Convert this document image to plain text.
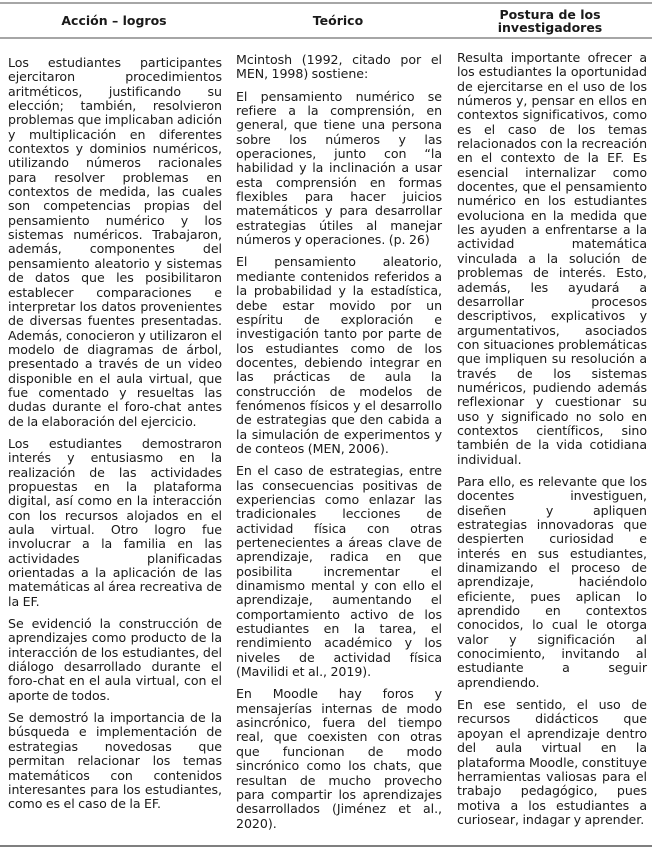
Acción – logros	Teórico	Postura de los
investigadores

Los estudiantes participantes ejercitaron procedimientos aritméticos, justificando su elección; también, resolvieron problemas que implicaban adición y multiplicación en diferentes contextos y dominios numéricos, utilizando números racionales para resolver problemas en contextos de medida, las cuales son competencias propias del pensamiento numérico y los sistemas numéricos. Trabajaron, además, componentes del pensamiento aleatorio y sistemas de datos que les posibilitaron establecer comparaciones e interpretar los datos provenientes de diversas fuentes presentadas. Además, conocieron y utilizaron el modelo de diagramas de árbol, presentado a través de un video disponible en el aula virtual, que fue comentado y resueltas las dudas durante el foro-chat antes de la elaboración del ejercicio.

Los estudiantes demostraron interés y entusiasmo en la realización de las actividades propuestas en la plataforma digital, así como en la interacción con los recursos alojados en el aula virtual. Otro logro fue involucrar a la familia en las actividades planificadas orientadas a la aplicación de las matemáticas al área recreativa de la EF.

Se evidenció la construcción de aprendizajes como producto de la interacción de los estudiantes, del diálogo desarrollado durante el foro-chat en el aula virtual, con el aporte de todos.

Se demostró la importancia de la búsqueda e implementación de estrategias novedosas que permitan relacionar los temas matemáticos con contenidos interesantes para los estudiantes, como es el caso de la EF.

Mcintosh (1992, citado por el MEN, 1998) sostiene:

El pensamiento numérico se refiere a la comprensión, en general, que tiene una persona sobre los números y las operaciones, junto con “la habilidad y la inclinación a usar esta comprensión en formas flexibles para hacer juicios matemáticos y para desarrollar estrategias útiles al manejar números y operaciones. (p. 26)

El pensamiento aleatorio, mediante contenidos referidos a la probabilidad y la estadística, debe estar movido por un espíritu de exploración e investigación tanto por parte de los estudiantes como de los docentes, debiendo integrar en las prácticas de aula la construcción de modelos de fenómenos físicos y el desarrollo de estrategias que den cabida a la simulación de experimentos y de conteos (MEN, 2006).

En el caso de estrategias, entre las consecuencias positivas de experiencias como enlazar las tradicionales lecciones de actividad física con otras pertenecientes a áreas clave de aprendizaje, radica en que posibilita incrementar el dinamismo mental y con ello el aprendizaje, aumentando el comportamiento activo de los estudiantes en la tarea, el rendimiento académico y los niveles de actividad física (Mavilidi et al., 2019).

En Moodle hay foros y mensajerías internas de modo asincrónico, fuera del tiempo real, que coexisten con otras que funcionan de modo sincrónico como los chats, que resultan de mucho provecho para compartir los aprendizajes desarrollados (Jiménez et al., 2020).

Resulta importante ofrecer a los estudiantes la oportunidad de ejercitarse en el uso de los números y, pensar en ellos en contextos significativos, como es el caso de los temas relacionados con la recreación en el contexto de la EF. Es esencial internalizar como docentes, que el pensamiento numérico en los estudiantes evoluciona en la medida que les ayuden a enfrentarse a la actividad matemática vinculada a la solución de problemas de interés. Esto, además, les ayudará a desarrollar procesos descriptivos, explicativos y argumentativos, asociados con situaciones problemáticas que impliquen su resolución a través de los sistemas numéricos, pudiendo además reflexionar y cuestionar su uso y significado no solo en contextos científicos, sino también de la vida cotidiana individual.

Para ello, es relevante que los docentes investiguen, diseñen y apliquen estrategias innovadoras que despierten curiosidad e interés en sus estudiantes, dinamizando el proceso de aprendizaje, haciéndolo eficiente, pues aplican lo aprendido en contextos conocidos, lo cual le otorga valor y significación al conocimiento, invitando al estudiante a seguir aprendiendo.

En ese sentido, el uso de recursos didácticos que apoyan el aprendizaje dentro del aula virtual en la plataforma Moodle, constituye herramientas valiosas para el trabajo pedagógico, pues motiva a los estudiantes a curiosear, indagar y aprender.
